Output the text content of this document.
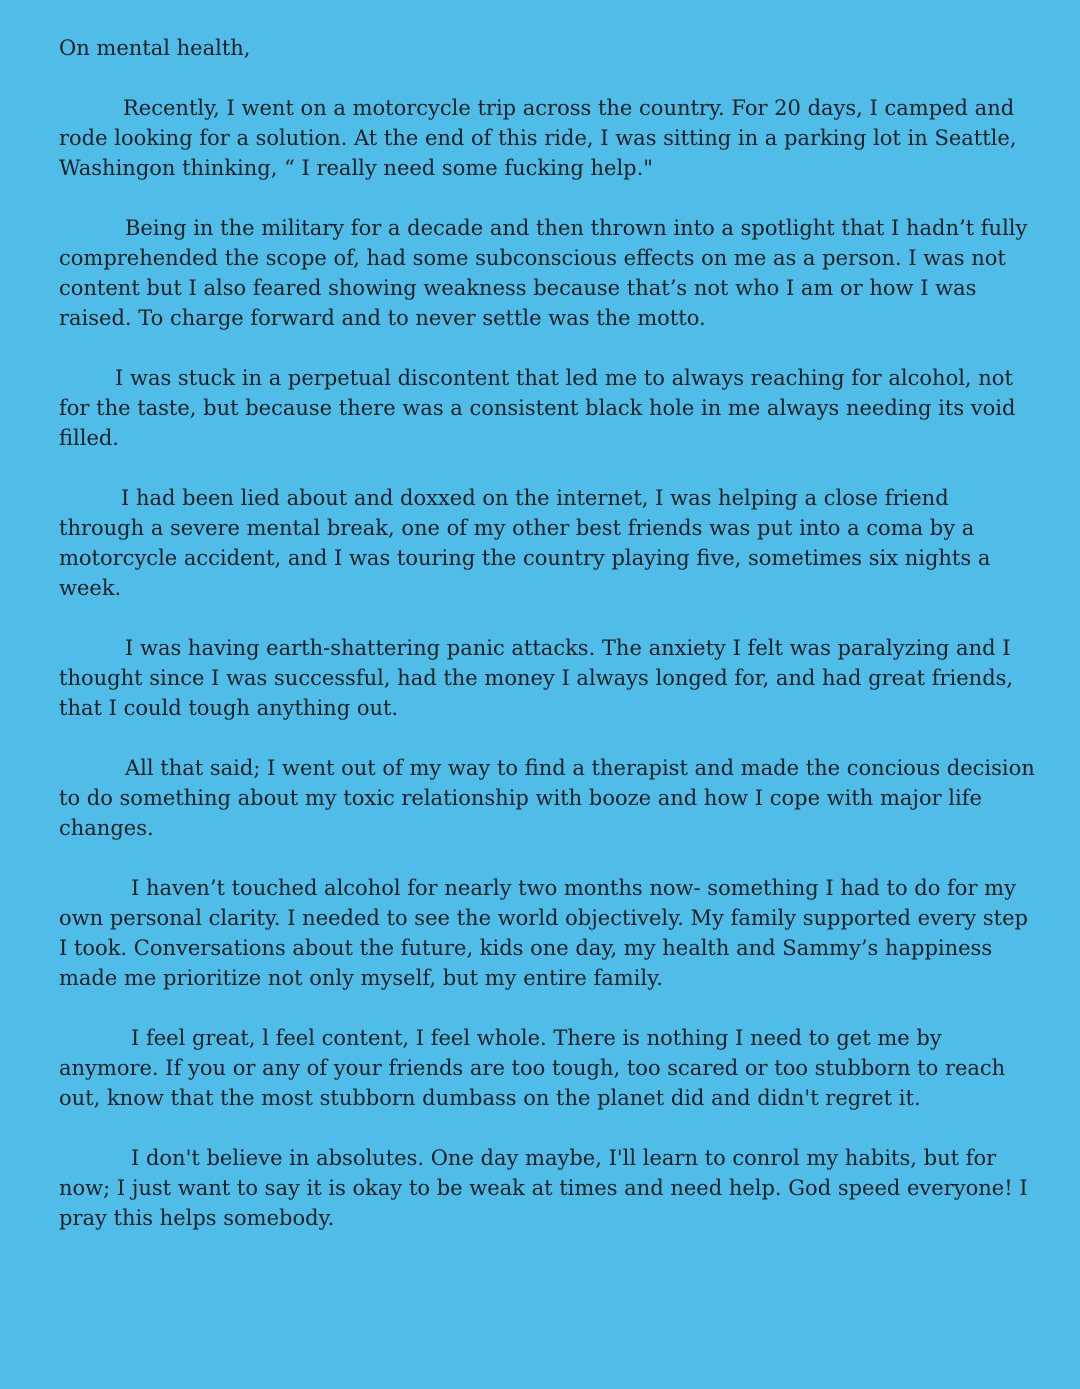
On mental health,

Recently, I went on a motorcycle trip across the country. For 20 days, I camped and rode looking for a solution. At the end of this ride, I was sitting in a parking lot in Seattle, Washingon thinking, “ I really need some fucking help."

Being in the military for a decade and then thrown into a spotlight that I hadn’t fully comprehended the scope of, had some subconscious effects on me as a person. I was not content but I also feared showing weakness because that’s not who I am or how I was raised. To charge forward and to never settle was the motto.

I was stuck in a perpetual discontent that led me to always reaching for alcohol, not for the taste, but because there was a consistent black hole in me always needing its void filled.

I had been lied about and doxxed on the internet, I was helping a close friend through a severe mental break, one of my other best friends was put into a coma by a motorcycle accident, and I was touring the country playing five, sometimes six nights a week.

I was having earth-shattering panic attacks. The anxiety I felt was paralyzing and I thought since I was successful, had the money I always longed for, and had great friends, that I could tough anything out.

All that said; I went out of my way to find a therapist and made the concious decision to do something about my toxic relationship with booze and how I cope with major life changes.

I haven’t touched alcohol for nearly two months now- something I had to do for my own personal clarity. I needed to see the world objectively. My family supported every step I took. Conversations about the future, kids one day, my health and Sammy’s happiness made me prioritize not only myself, but my entire family.

I feel great, l feel content, I feel whole. There is nothing I need to get me by anymore. If you or any of your friends are too tough, too scared or too stubborn to reach out, know that the most stubborn dumbass on the planet did and didn't regret it.

I don't believe in absolutes. One day maybe, I'll learn to conrol my habits, but for now; I just want to say it is okay to be weak at times and need help. God speed everyone! I pray this helps somebody.
